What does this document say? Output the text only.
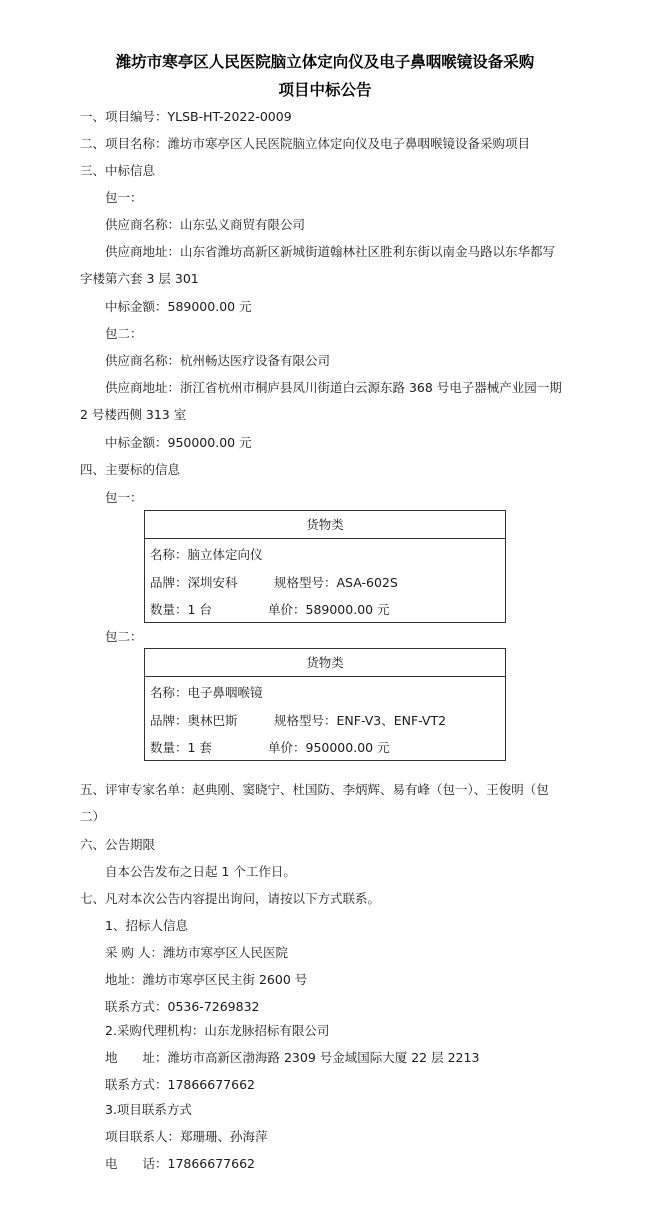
潍坊市寒亭区人民医院脑立体定向仪及电子鼻咽喉镜设备采购
项目中标公告
一、项目编号：YLSB-HT-2022-0009
二、项目名称：潍坊市寒亭区人民医院脑立体定向仪及电子鼻咽喉镜设备采购项目
三、中标信息
包一：
供应商名称：山东弘义商贸有限公司
供应商地址：山东省潍坊高新区新城街道翰林社区胜利东街以南金马路以东华都写
字楼第六套 3 层 301
中标金额：589000.00 元
包二：
供应商名称：杭州畅达医疗设备有限公司
供应商地址：浙江省杭州市桐庐县凤川街道白云源东路 368 号电子器械产业园一期
2 号楼西侧 313 室
中标金额：950000.00 元
四、主要标的信息
包一：
货物类
名称：脑立体定向仪
品牌：深圳安科	规格型号：ASA-602S
数量：1 台	单价：589000.00 元
包二：
货物类
名称：电子鼻咽喉镜
品牌：奥林巴斯	规格型号：ENF-V3、ENF-VT2
数量：1 套	单价：950000.00 元
五、评审专家名单：赵典刚、窦晓宁、杜国防、李炳辉、易有峰（包一）、王俊明（包
二）
六、公告期限
自本公告发布之日起 1 个工作日。
七、凡对本次公告内容提出询问，请按以下方式联系。
1、招标人信息
采 购 人：潍坊市寒亭区人民医院
地址：潍坊市寒亭区民主街 2600 号
联系方式：0536-7269832
2.采购代理机构：山东龙脉招标有限公司
地　　址：潍坊市高新区渤海路 2309 号金域国际大厦 22 层 2213
联系方式：17866677662
3.项目联系方式
项目联系人：郑珊珊、孙海萍
电　　话：17866677662
